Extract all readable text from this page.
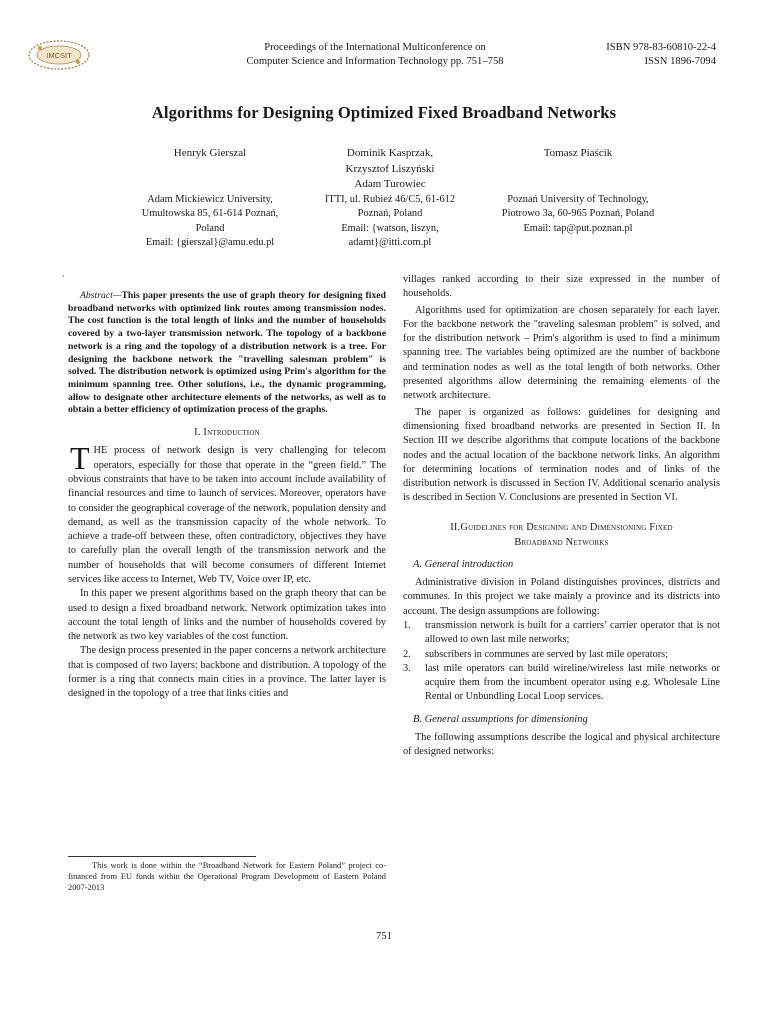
IMCSIT
Proceedings of the International Multiconference on
Computer Science and Information Technology pp. 751–758
ISBN 978-83-60810-22-4
ISSN 1896-7094
Algorithms for Designing Optimized Fixed Broadband Networks
Henryk Gierszal
Adam Mickiewicz University,
Umultowska 85, 61-614 Poznań,
Poland
Email: {gierszal}@amu.edu.pl
Dominik Kasprzak,
Krzysztof Liszyński
Adam Turowiec
ITTI, ul. Rubież 46/C5, 61-612
Poznań, Poland
Email: {watson, liszyn,
adamt}@itti.com.pl
Tomasz Piaścik
Poznań University of Technology,
Piotrowo 3a, 60-965 Poznań, Poland
Email: tap@put.poznan.pl
·

Abstract—This paper presents the use of graph theory for designing fixed broadband networks with optimized link routes among transmission nodes. The cost function is the total length of links and the number of households covered by a two-layer transmission network. The topology of a backbone network is a ring and the topology of a distribution network is a tree. For designing the backbone network the "travelling salesman problem" is solved. The distribution network is optimized using Prim's algorithm for the minimum spanning tree. Other solutions, i.e., the dynamic programming, allow to designate other architecture elements of the networks, as well as to obtain a better efficiency of optimization process of the graphs.

I. Introduction

THE process of network design is very challenging for telecom operators, especially for those that operate in the “green field.” The obvious constraints that have to be taken into account include availability of financial resources and time to launch of services. Moreover, operators have to consider the geographical coverage of the network, population density and demand, as well as the transmission capacity of the whole network. To achieve a trade-off between these, often contradictory, objectives they have to carefully plan the overall length of the transmission network and the number of households that will become consumers of different Internet services like access to Internet, Web TV, Voice over IP, etc.

In this paper we present algorithms based on the graph theory that can be used to design a fixed broadband network. Network optimization takes into account the total length of links and the number of households covered by the network as two key variables of the cost function.

The design process presented in the paper concerns a network architecture that is composed of two layers: backbone and distribution. A topology of the former is a ring that connects main cities in a province. The latter layer is designed in the topology of a tree that links cities and

This work is done within the “Broadband Network for Eastern Poland” project co-financed from EU funds within the Operational Program Development of Eastern Poland 2007-2013

villages ranked according to their size expressed in the number of households.

Algorithms used for optimization are chosen separately for each layer. For the backbone network the "traveling salesman problem" is solved, and for the distribution network – Prim's algorithm is used to find a minimum spanning tree. The variables being optimized are the number of backbone and termination nodes as well as the total length of both networks. Other presented algorithms allow determining the remaining elements of the network architecture.

The paper is organized as follows: guidelines for designing and dimensioning fixed broadband networks are presented in Section II. In Section III we describe algorithms that compute locations of the backbone nodes and the actual location of the backbone network links. An algorithm for determining locations of termination nodes and of links of the distribution network is discussed in Section IV. Additional scenario analysis is described in Section V. Conclusions are presented in Section VI.

II.Guidelines for Designing and Dimensioning Fixed
Broadband Networks
A. General introduction

Administrative division in Poland distinguishes provinces, districts and communes. In this project we take mainly a province and its districts into account. The design assumptions are following:

1. transmission network is built for a carriers’ carrier operator that is not allowed to own last mile networks;
2. subscribers in communes are served by last mile operators;
3. last mile operators can build wireline/wireless last mile networks or acquire them from the incumbent operator using e.g. Wholesale Line Rental or Unbundling Local Loop services.
B. General assumptions for dimensioning

The following assumptions describe the logical and physical architecture of designed networks:

751
